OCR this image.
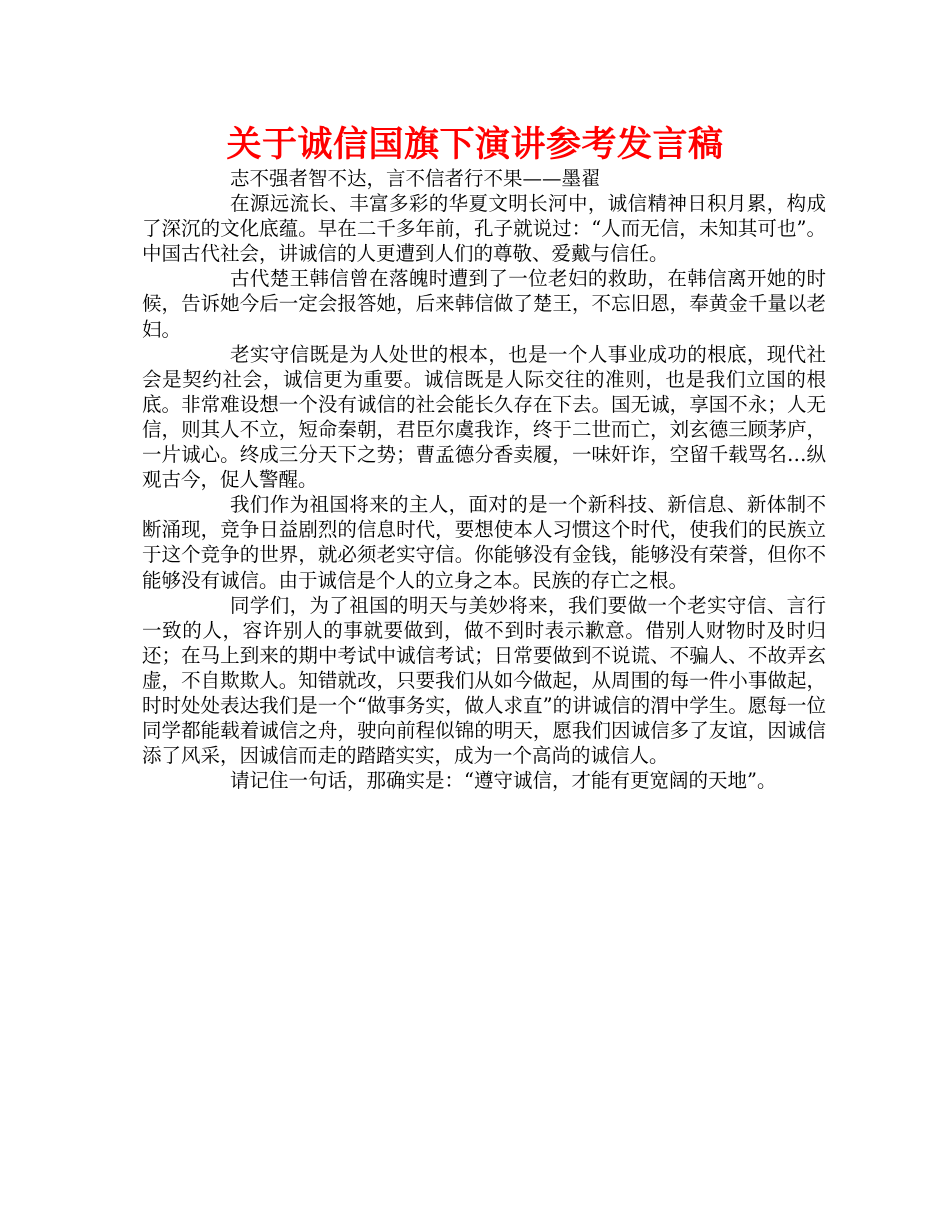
关于诚信国旗下演讲参考发言稿

志不强者智不达，言不信者行不果——墨翟

在源远流长、丰富多彩的华夏文明长河中，诚信精神日积月累，构成了深沉的文化底蕴。早在二千多年前，孔子就说过：“人而无信，未知其可也”。中国古代社会，讲诚信的人更遭到人们的尊敬、爱戴与信任。

古代楚王韩信曾在落魄时遭到了一位老妇的救助，在韩信离开她的时候，告诉她今后一定会报答她，后来韩信做了楚王，不忘旧恩，奉黄金千量以老妇。

老实守信既是为人处世的根本，也是一个人事业成功的根底，现代社会是契约社会，诚信更为重要。诚信既是人际交往的准则，也是我们立国的根底。非常难设想一个没有诚信的社会能长久存在下去。国无诚，享国不永；人无信，则其人不立，短命秦朝，君臣尔虞我诈，终于二世而亡，刘玄德三顾茅庐，一片诚心。终成三分天下之势；曹孟德分香卖履，一味奸诈，空留千载骂名…纵观古今，促人警醒。

我们作为祖国将来的主人，面对的是一个新科技、新信息、新体制不断涌现，竞争日益剧烈的信息时代，要想使本人习惯这个时代，使我们的民族立于这个竞争的世界，就必须老实守信。你能够没有金钱，能够没有荣誉，但你不能够没有诚信。由于诚信是个人的立身之本。民族的存亡之根。

同学们，为了祖国的明天与美妙将来，我们要做一个老实守信、言行一致的人，容许别人的事就要做到，做不到时表示歉意。借别人财物时及时归还；在马上到来的期中考试中诚信考试；日常要做到不说谎、不骗人、不故弄玄虚，不自欺欺人。知错就改，只要我们从如今做起，从周围的每一件小事做起，时时处处表达我们是一个“做事务实，做人求直”的讲诚信的渭中学生。愿每一位同学都能载着诚信之舟，驶向前程似锦的明天，愿我们因诚信多了友谊，因诚信添了风采，因诚信而走的踏踏实实，成为一个高尚的诚信人。

请记住一句话，那确实是：“遵守诚信，才能有更宽阔的天地”。
